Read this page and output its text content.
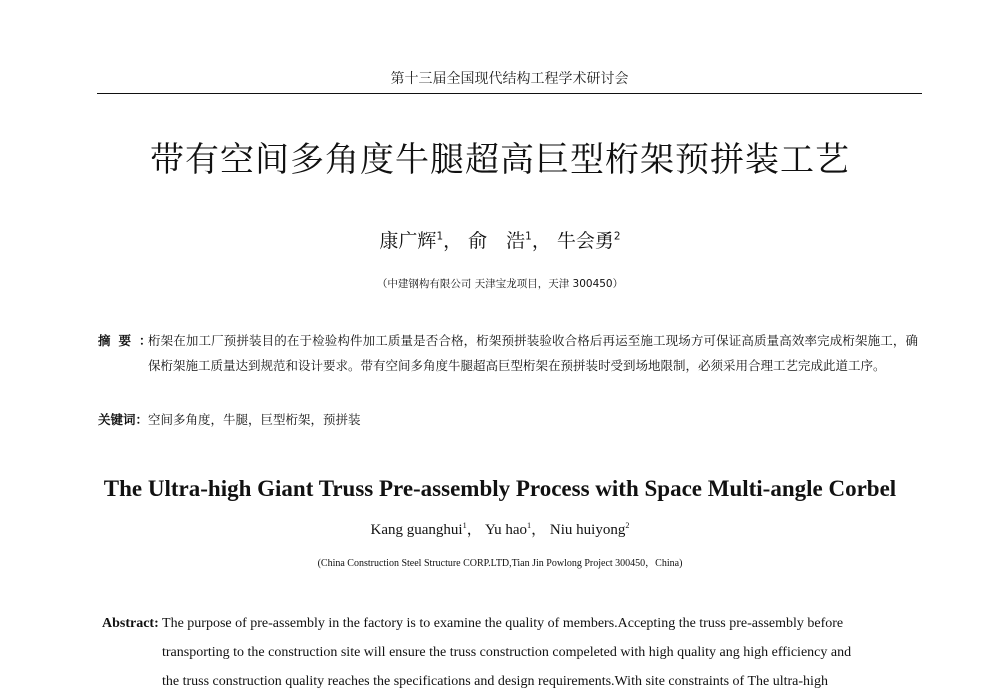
第十三届全国现代结构工程学术研讨会
带有空间多角度牛腿超高巨型桁架预拼装工艺
康广辉$^1$， 俞　浩$^1$， 牛会勇$^2$
（中建钢构有限公司 天津宝龙项目，天津 300450）
摘要：
桁架在加工厂预拼装目的在于检验构件加工质量是否合格，桁架预拼装验收合格后再运至施工现场方可保证高质量高效率完成桁架施工，确保桁架施工质量达到规范和设计要求。带有空间多角度牛腿超高巨型桁架在预拼装时受到场地限制，必须采用合理工艺完成此道工序。
关键词：空间多角度，牛腿，巨型桁架，预拼装
The Ultra-high Giant Truss Pre-assembly Process with Space Multi-angle Corbel
Kang guanghui$^1$， Yu hao$^1$， Niu huiyong$^2$
(China Construction Steel Structure CORP.LTD,Tian Jin Powlong Project 300450，China)
Abstract: The purpose of pre-assembly in the factory is to examine the quality of members.Accepting the truss pre-assembly before
transporting to the construction site will ensure the truss construction compeleted with high quality ang high efficiency and
the truss construction quality reaches the specifications and design requirements.With site constraints of The ultra-high
